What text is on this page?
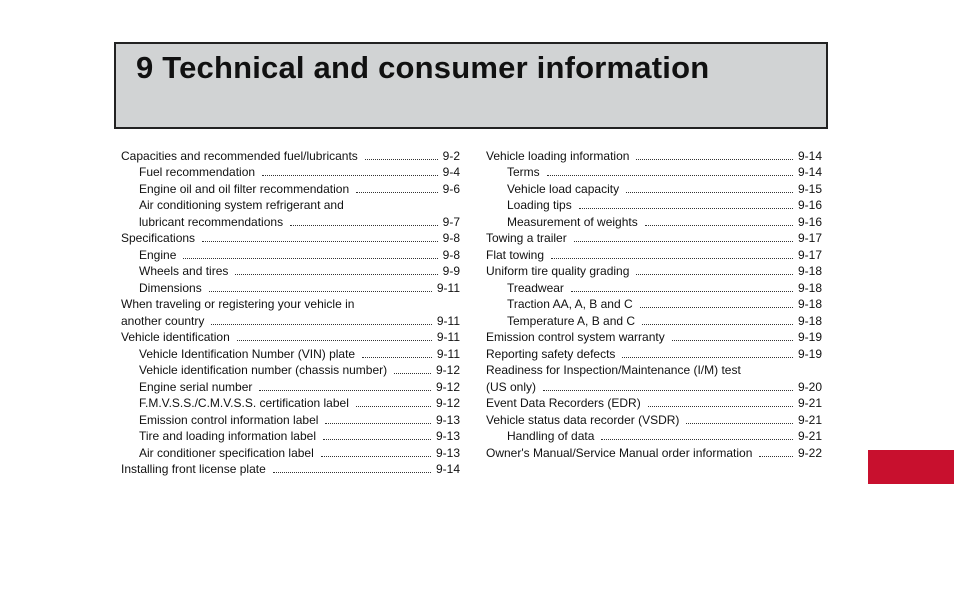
9 Technical and consumer information
Capacities and recommended fuel/lubricants	9-2
Fuel recommendation	9-4
Engine oil and oil filter recommendation	9-6
Air conditioning system refrigerant and
lubricant recommendations	9-7
Specifications	9-8
Engine	9-8
Wheels and tires	9-9
Dimensions	9-11
When traveling or registering your vehicle in
another country	9-11
Vehicle identification	9-11
Vehicle Identification Number (VIN) plate	9-11
Vehicle identification number (chassis number)	9-12
Engine serial number	9-12
F.M.V.S.S./C.M.V.S.S. certification label	9-12
Emission control information label	9-13
Tire and loading information label	9-13
Air conditioner specification label	9-13
Installing front license plate	9-14
Vehicle loading information	9-14
Terms	9-14
Vehicle load capacity	9-15
Loading tips	9-16
Measurement of weights	9-16
Towing a trailer	9-17
Flat towing	9-17
Uniform tire quality grading	9-18
Treadwear	9-18
Traction AA, A, B and C	9-18
Temperature A, B and C	9-18
Emission control system warranty	9-19
Reporting safety defects	9-19
Readiness for Inspection/Maintenance (I/M) test
(US only)	9-20
Event Data Recorders (EDR)	9-21
Vehicle status data recorder (VSDR)	9-21
Handling of data	9-21
Owner's Manual/Service Manual order information	9-22
